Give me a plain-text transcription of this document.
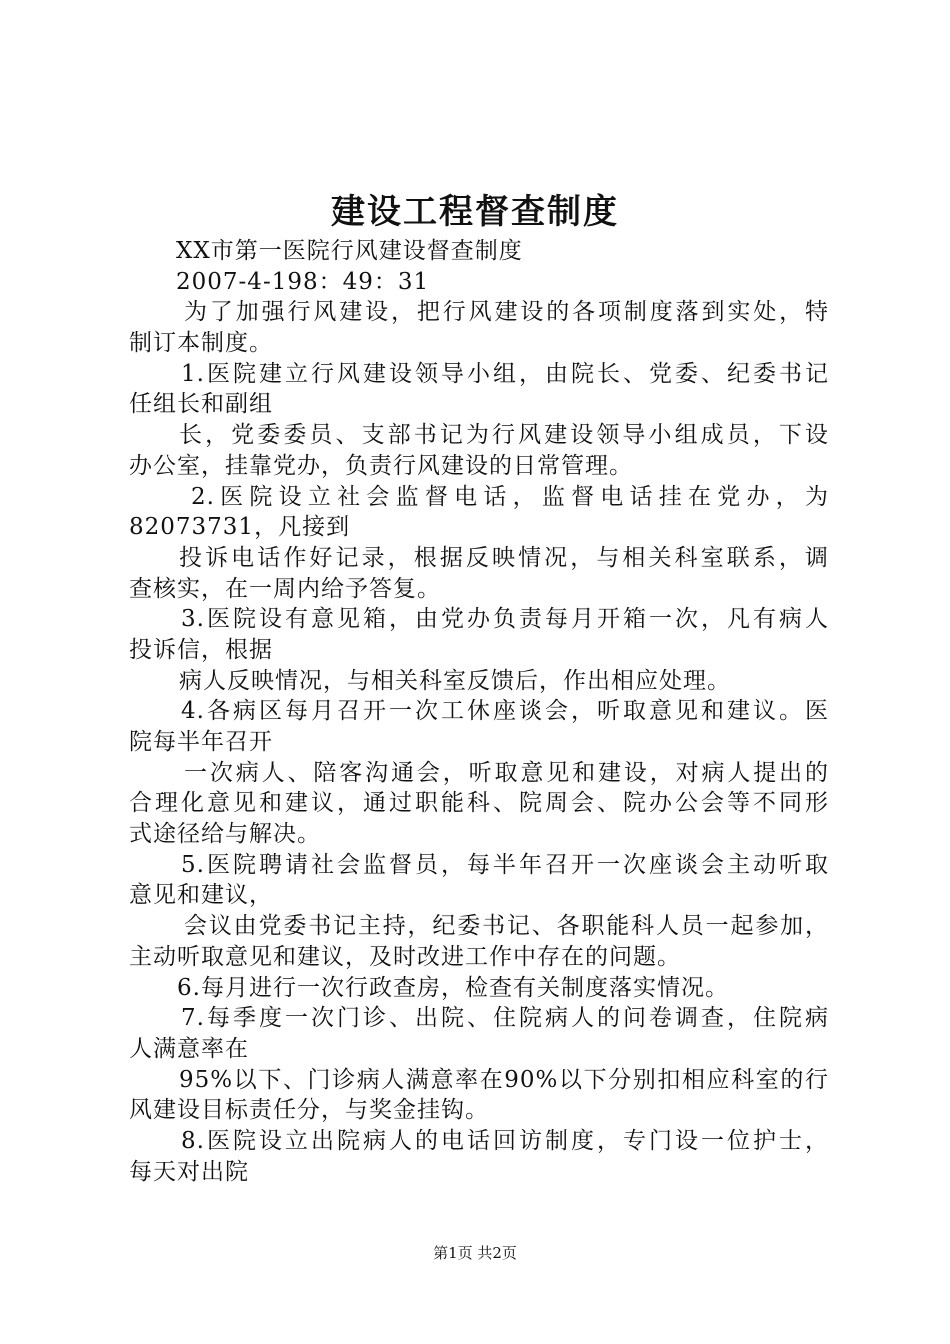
建设工程督查制度
XX市第一医院行风建设督查制度
2007-4-198：49：31
为了加强行风建设，把行风建设的各项制度落到实处，特
制订本制度。
1.医院建立行风建设领导小组，由院长、党委、纪委书记
任组长和副组
长，党委委员、支部书记为行风建设领导小组成员，下设
办公室，挂靠党办，负责行风建设的日常管理。
2.医院设立社会监督电话，监督电话挂在党办，为
82073731，凡接到
投诉电话作好记录，根据反映情况，与相关科室联系，调
查核实，在一周内给予答复。
3.医院设有意见箱，由党办负责每月开箱一次，凡有病人
投诉信，根据
病人反映情况，与相关科室反馈后，作出相应处理。
4.各病区每月召开一次工休座谈会，听取意见和建议。医
院每半年召开
一次病人、陪客沟通会，听取意见和建设，对病人提出的
合理化意见和建议，通过职能科、院周会、院办公会等不同形
式途径给与解决。
5.医院聘请社会监督员，每半年召开一次座谈会主动听取
意见和建议，
会议由党委书记主持，纪委书记、各职能科人员一起参加，
主动听取意见和建议，及时改进工作中存在的问题。
6.每月进行一次行政查房，检查有关制度落实情况。
7.每季度一次门诊、出院、住院病人的问卷调查，住院病
人满意率在
95%以下、门诊病人满意率在90%以下分别扣相应科室的行
风建设目标责任分，与奖金挂钩。
8.医院设立出院病人的电话回访制度，专门设一位护士，
每天对出院
第1页 共2页
